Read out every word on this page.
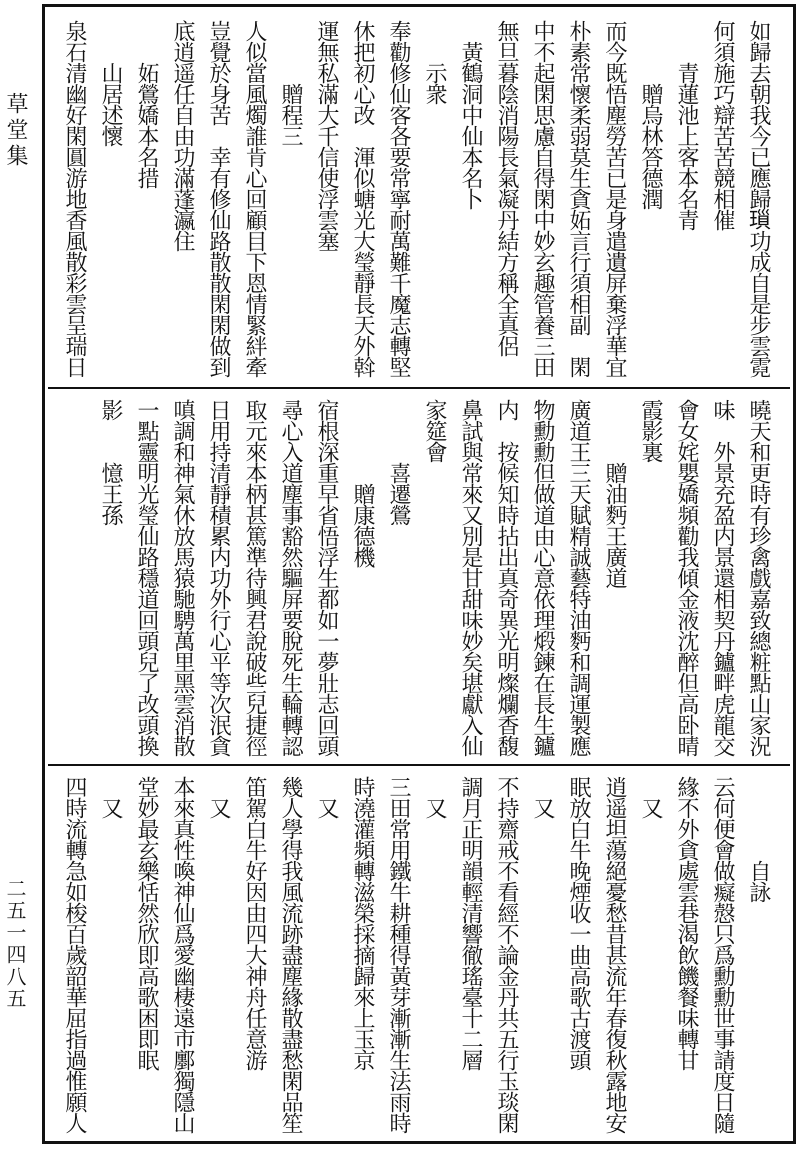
草堂集
二五一四八五
如歸去朝我今已應歸𤨏功成自是步雲霓
何須施巧辯苦苦競相催
　　青蓮池上客本名青
　　　贈烏林答德潤
而今既悟塵勞苦已是身遣遺屏棄浮華宜
朴素常懷柔弱莫生貪妬言行須相副　閑
中不起閑思慮自得閑中妙玄趣管養三田
無旦暮陰消陽長氣凝丹結方稱全真侶
　黃鶴洞中仙本名卜
　　示衆
奉勸修仙客各要常寧耐萬難千魔志轉堅
休把初心改　渾似螗光大瑩靜長天外斡
運無私滿大千信使浮雲塞
　　　贈程三
人似當風燭誰肯心回顧目下恩情緊絆牽
豈覺於身苦　幸有修仙路散散閑閑做到
底逍遥任自由功滿蓬瀛住
　　妬鶯嬌本名措
　　山居述懷
泉石清幽好閑圓游地香風散彩雲呈瑞日
曉天和更時有珍禽戲嘉致總粧點山家況
味　外景充盈内景還相契丹鑪畔虎龍交
會女姹嬰嬌頻勸我傾金液沈醉但高卧晴
霞影裏
　　　贈油麪王廣道
廣道王三天賦精誠藝特油麪和調運製應
物勳勳但做道由心意依理煅鍊在長生鑪
内　按候知時拈出真奇異光明燦爛香馥
鼻試與常來又別是甘甜味妙矣堪獻入仙
家筵會
　　　喜遷鶯
　　　　贈康德機
宿根深重早省悟浮生都如一夢壯志回頭
尋心入道塵事豁然驅屏要脫死生輪轉認
取元來本柄甚篤準待興君說破些兒捷徑
日用持清靜積累内功外行心平等次泯貪
嗔調和神氣休放馬猿馳騁萬里黑雲消散
一點靈明光瑩仙路穩道回頭兒了改頭換
影　　憶王孫
　　　　自詠
云何便會做癡慤只爲勳勳世事請度日隨
緣不外貪處雲巷渴飲饑餐味轉甘
　又
逍遥坦蕩絕憂愁昔甚流年春復秋露地安
眠放白牛晚煙收一曲高歌古渡頭
　又
不持齋戒不看經不論金丹共五行玉琰閑
調月正明韻輕清響徹瑤臺十二層
　又
三田常用鐵牛耕種得黃芽漸漸生法雨時
時澆灌頻轉滋榮採摘歸來上玉京
　又
幾人學得我風流跡盡塵緣散盡愁閑品笙
笛駕白牛好因由四大神舟任意游
　又
本來真性喚神仙爲愛幽棲遠市鄽獨隱山
堂妙最玄樂恬然欣即高歌困即眠
　又
四時流轉急如梭百歲韶華屈指過惟願人
